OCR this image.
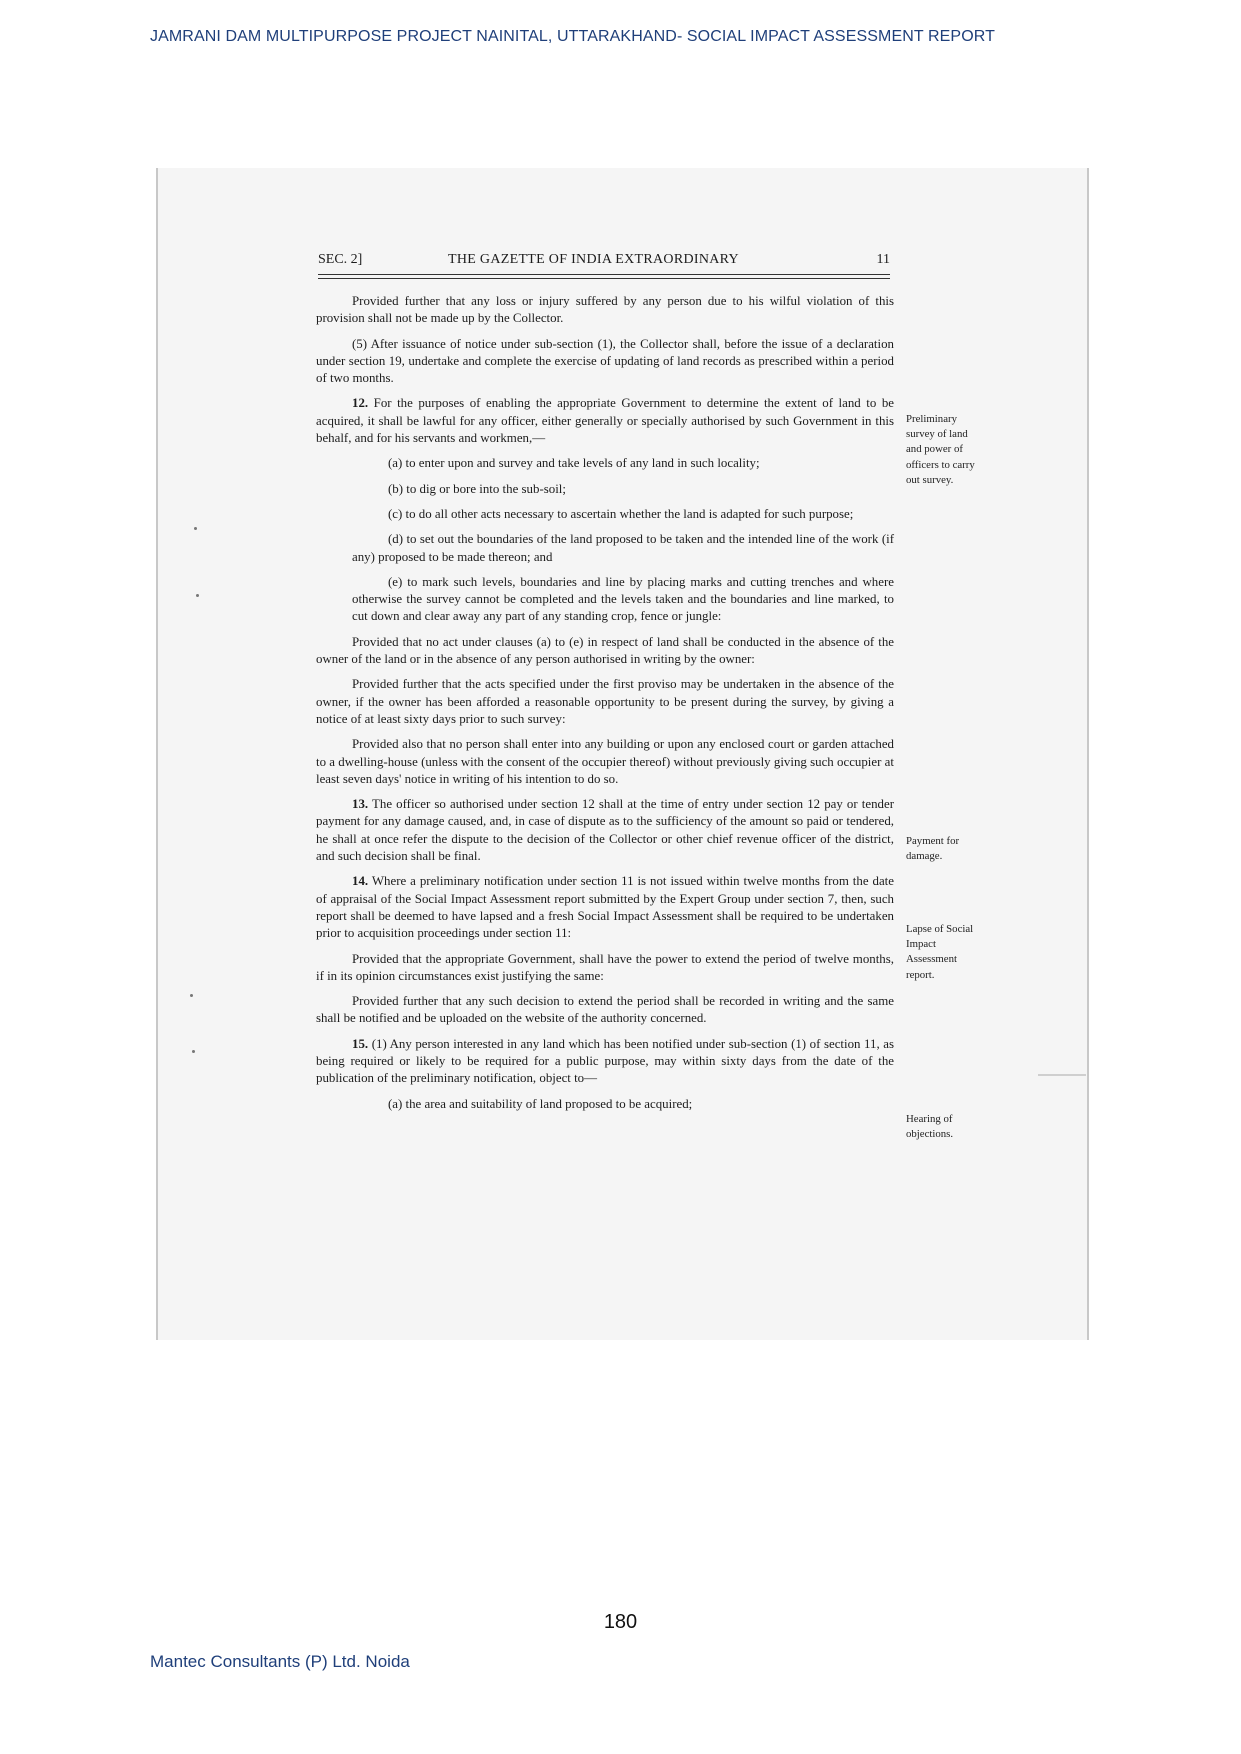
JAMRANI DAM MULTIPURPOSE PROJECT NAINITAL, UTTARAKHAND- SOCIAL IMPACT ASSESSMENT REPORT
SEC. 2]	THE GAZETTE OF INDIA EXTRAORDINARY	11

Provided further that any loss or injury suffered by any person due to his wilful violation of this provision shall not be made up by the Collector.

(5) After issuance of notice under sub-section (1), the Collector shall, before the issue of a declaration under section 19, undertake and complete the exercise of updating of land records as prescribed within a period of two months.

12. For the purposes of enabling the appropriate Government to determine the extent of land to be acquired, it shall be lawful for any officer, either generally or specially authorised by such Government in this behalf, and for his servants and workmen,—

(a) to enter upon and survey and take levels of any land in such locality;

(b) to dig or bore into the sub-soil;

(c) to do all other acts necessary to ascertain whether the land is adapted for such purpose;

(d) to set out the boundaries of the land proposed to be taken and the intended line of the work (if any) proposed to be made thereon; and

(e) to mark such levels, boundaries and line by placing marks and cutting trenches and where otherwise the survey cannot be completed and the levels taken and the boundaries and line marked, to cut down and clear away any part of any standing crop, fence or jungle:

Provided that no act under clauses (a) to (e) in respect of land shall be conducted in the absence of the owner of the land or in the absence of any person authorised in writing by the owner:

Provided further that the acts specified under the first proviso may be undertaken in the absence of the owner, if the owner has been afforded a reasonable opportunity to be present during the survey, by giving a notice of at least sixty days prior to such survey:

Provided also that no person shall enter into any building or upon any enclosed court or garden attached to a dwelling-house (unless with the consent of the occupier thereof) without previously giving such occupier at least seven days' notice in writing of his intention to do so.

13. The officer so authorised under section 12 shall at the time of entry under section 12 pay or tender payment for any damage caused, and, in case of dispute as to the sufficiency of the amount so paid or tendered, he shall at once refer the dispute to the decision of the Collector or other chief revenue officer of the district, and such decision shall be final.

14. Where a preliminary notification under section 11 is not issued within twelve months from the date of appraisal of the Social Impact Assessment report submitted by the Expert Group under section 7, then, such report shall be deemed to have lapsed and a fresh Social Impact Assessment shall be required to be undertaken prior to acquisition proceedings under section 11:

Provided that the appropriate Government, shall have the power to extend the period of twelve months, if in its opinion circumstances exist justifying the same:

Provided further that any such decision to extend the period shall be recorded in writing and the same shall be notified and be uploaded on the website of the authority concerned.

15. (1) Any person interested in any land which has been notified under sub-section (1) of section 11, as being required or likely to be required for a public purpose, may within sixty days from the date of the publication of the preliminary notification, object to—

(a) the area and suitability of land proposed to be acquired;

Preliminary survey of land and power of officers to carry out survey.
Payment for damage.
Lapse of Social Impact Assessment report.
Hearing of objections.
180
Mantec Consultants (P) Ltd. Noida
